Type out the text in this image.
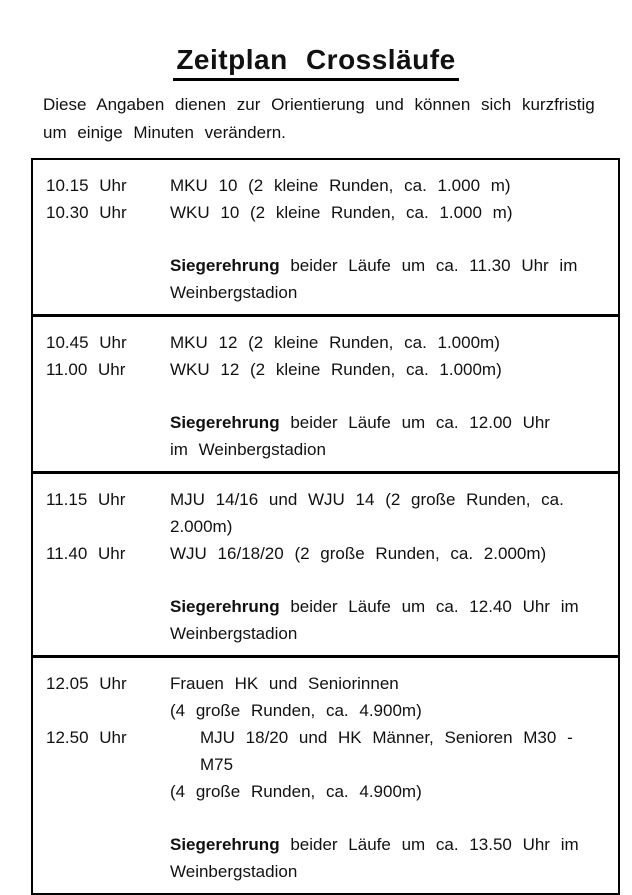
Zeitplan Crossläufe
Diese Angaben dienen zur Orientierung und können sich kurzfristig
um einige Minuten verändern.
10.15 Uhr	MKU 10 (2 kleine Runden, ca. 1.000 m)
10.30 Uhr	WKU 10 (2 kleine Runden, ca. 1.000 m)
Siegerehrung beider Läufe um ca. 11.30 Uhr im
Weinbergstadion
10.45 Uhr	MKU 12 (2 kleine Runden, ca. 1.000m)
11.00 Uhr	WKU 12 (2 kleine Runden, ca. 1.000m)
Siegerehrung beider Läufe um ca. 12.00 Uhr
im Weinbergstadion
11.15 Uhr	MJU 14/16 und WJU 14 (2 große Runden, ca. 2.000m)
11.40 Uhr	WJU 16/18/20 (2 große Runden, ca. 2.000m)
Siegerehrung beider Läufe um ca. 12.40 Uhr im
Weinbergstadion
12.05 Uhr	Frauen HK und Seniorinnen
(4 große Runden, ca. 4.900m)
12.50 Uhr	MJU 18/20 und HK Männer, Senioren M30 - M75
(4 große Runden, ca. 4.900m)
Siegerehrung beider Läufe um ca. 13.50 Uhr im
Weinbergstadion
